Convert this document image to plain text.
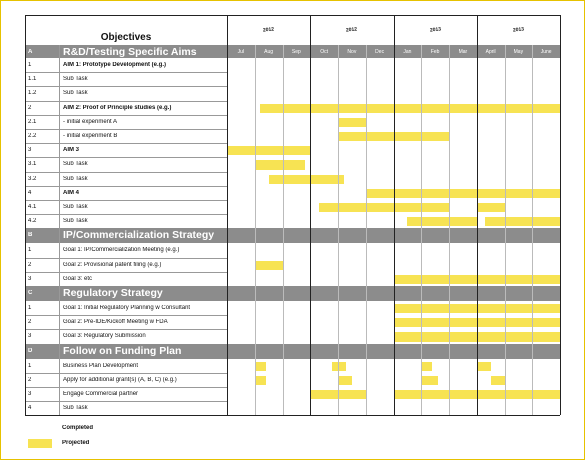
Objectives
2012	2012	2013	2013
Jul	Aug	Sep	Oct	Nov	Dec	Jan	Feb	Mar	April	May	June
A	R&D/Testing Specific Aims
1	AIM 1: Prototype Development (e.g.)
1.1	Sub Task
1.2	Sub Task
2	AIM 2: Proof of Principle studies (e.g.)
2.1	- initial experiment A
2.2	- initial experiment B
3	AIM 3
3.1	Sub Task
3.2	Sub Task
4	AIM 4
4.1	Sub Task
4.2	Sub Task
B	IP/Commercialization Strategy
1	Goal 1: IP/Commercialization Meeting (e.g.)
2	Goal 2: Provisional patent filing (e.g.)
3	Goal 3: etc
C	Regulatory Strategy
1	Goal 1: Initial Regulatory Planning w Consultant
2	Goal 2: Pre-IDE/Kickoff Meeting w FDA
3	Goal 3: Regulatory Submission
D	Follow on Funding Plan
1	Business Plan Development
2	Apply for additional grant(s) (A, B, C) (e.g.)
3	Engage Commercial partner
4	Sub Task
Completed
Projected
